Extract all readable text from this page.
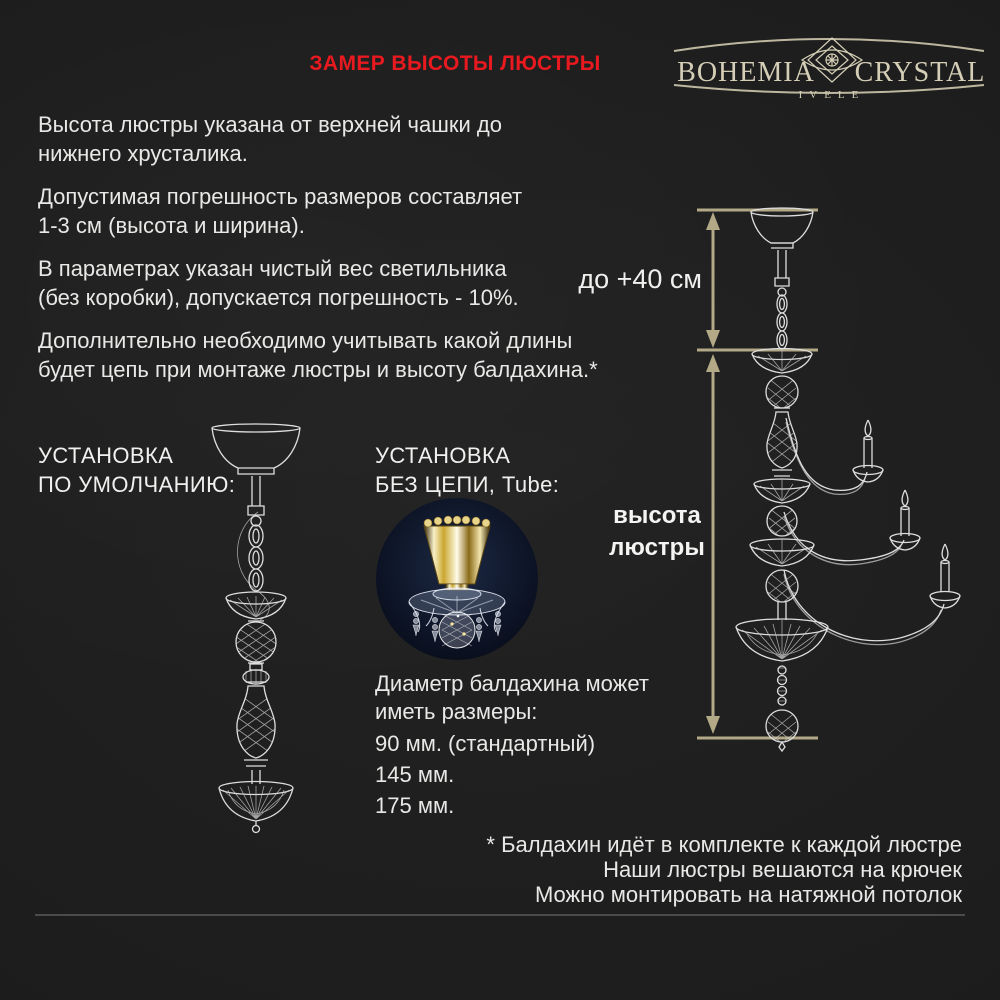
ЗАМЕР ВЫСОТЫ ЛЮСТРЫ	BOHEMIA CRYSTAL
IVELE
Высота люстры указана от верхней чашки до
нижнего хрусталика.
Допустимая погрешность размеров составляет
1-3 см (высота и ширина).
В параметрах указан чистый вес светильника
(без коробки), допускается погрешность - 10%.
Дополнительно необходимо учитывать какой длины
будет цепь при монтаже люстры и высоту балдахина.*
УСТАНОВКА
ПО УМОЛЧАНИЮ:
УСТАНОВКА
БЕЗ ЦЕПИ, Tube:
Диаметр балдахина может
иметь размеры:
90 мм. (стандартный)
145 мм.
175 мм.
до +40 см
высота
люстры
* Балдахин идёт в комплекте к каждой люстре
Наши люстры вешаются на крючек
Можно монтировать на натяжной потолок
